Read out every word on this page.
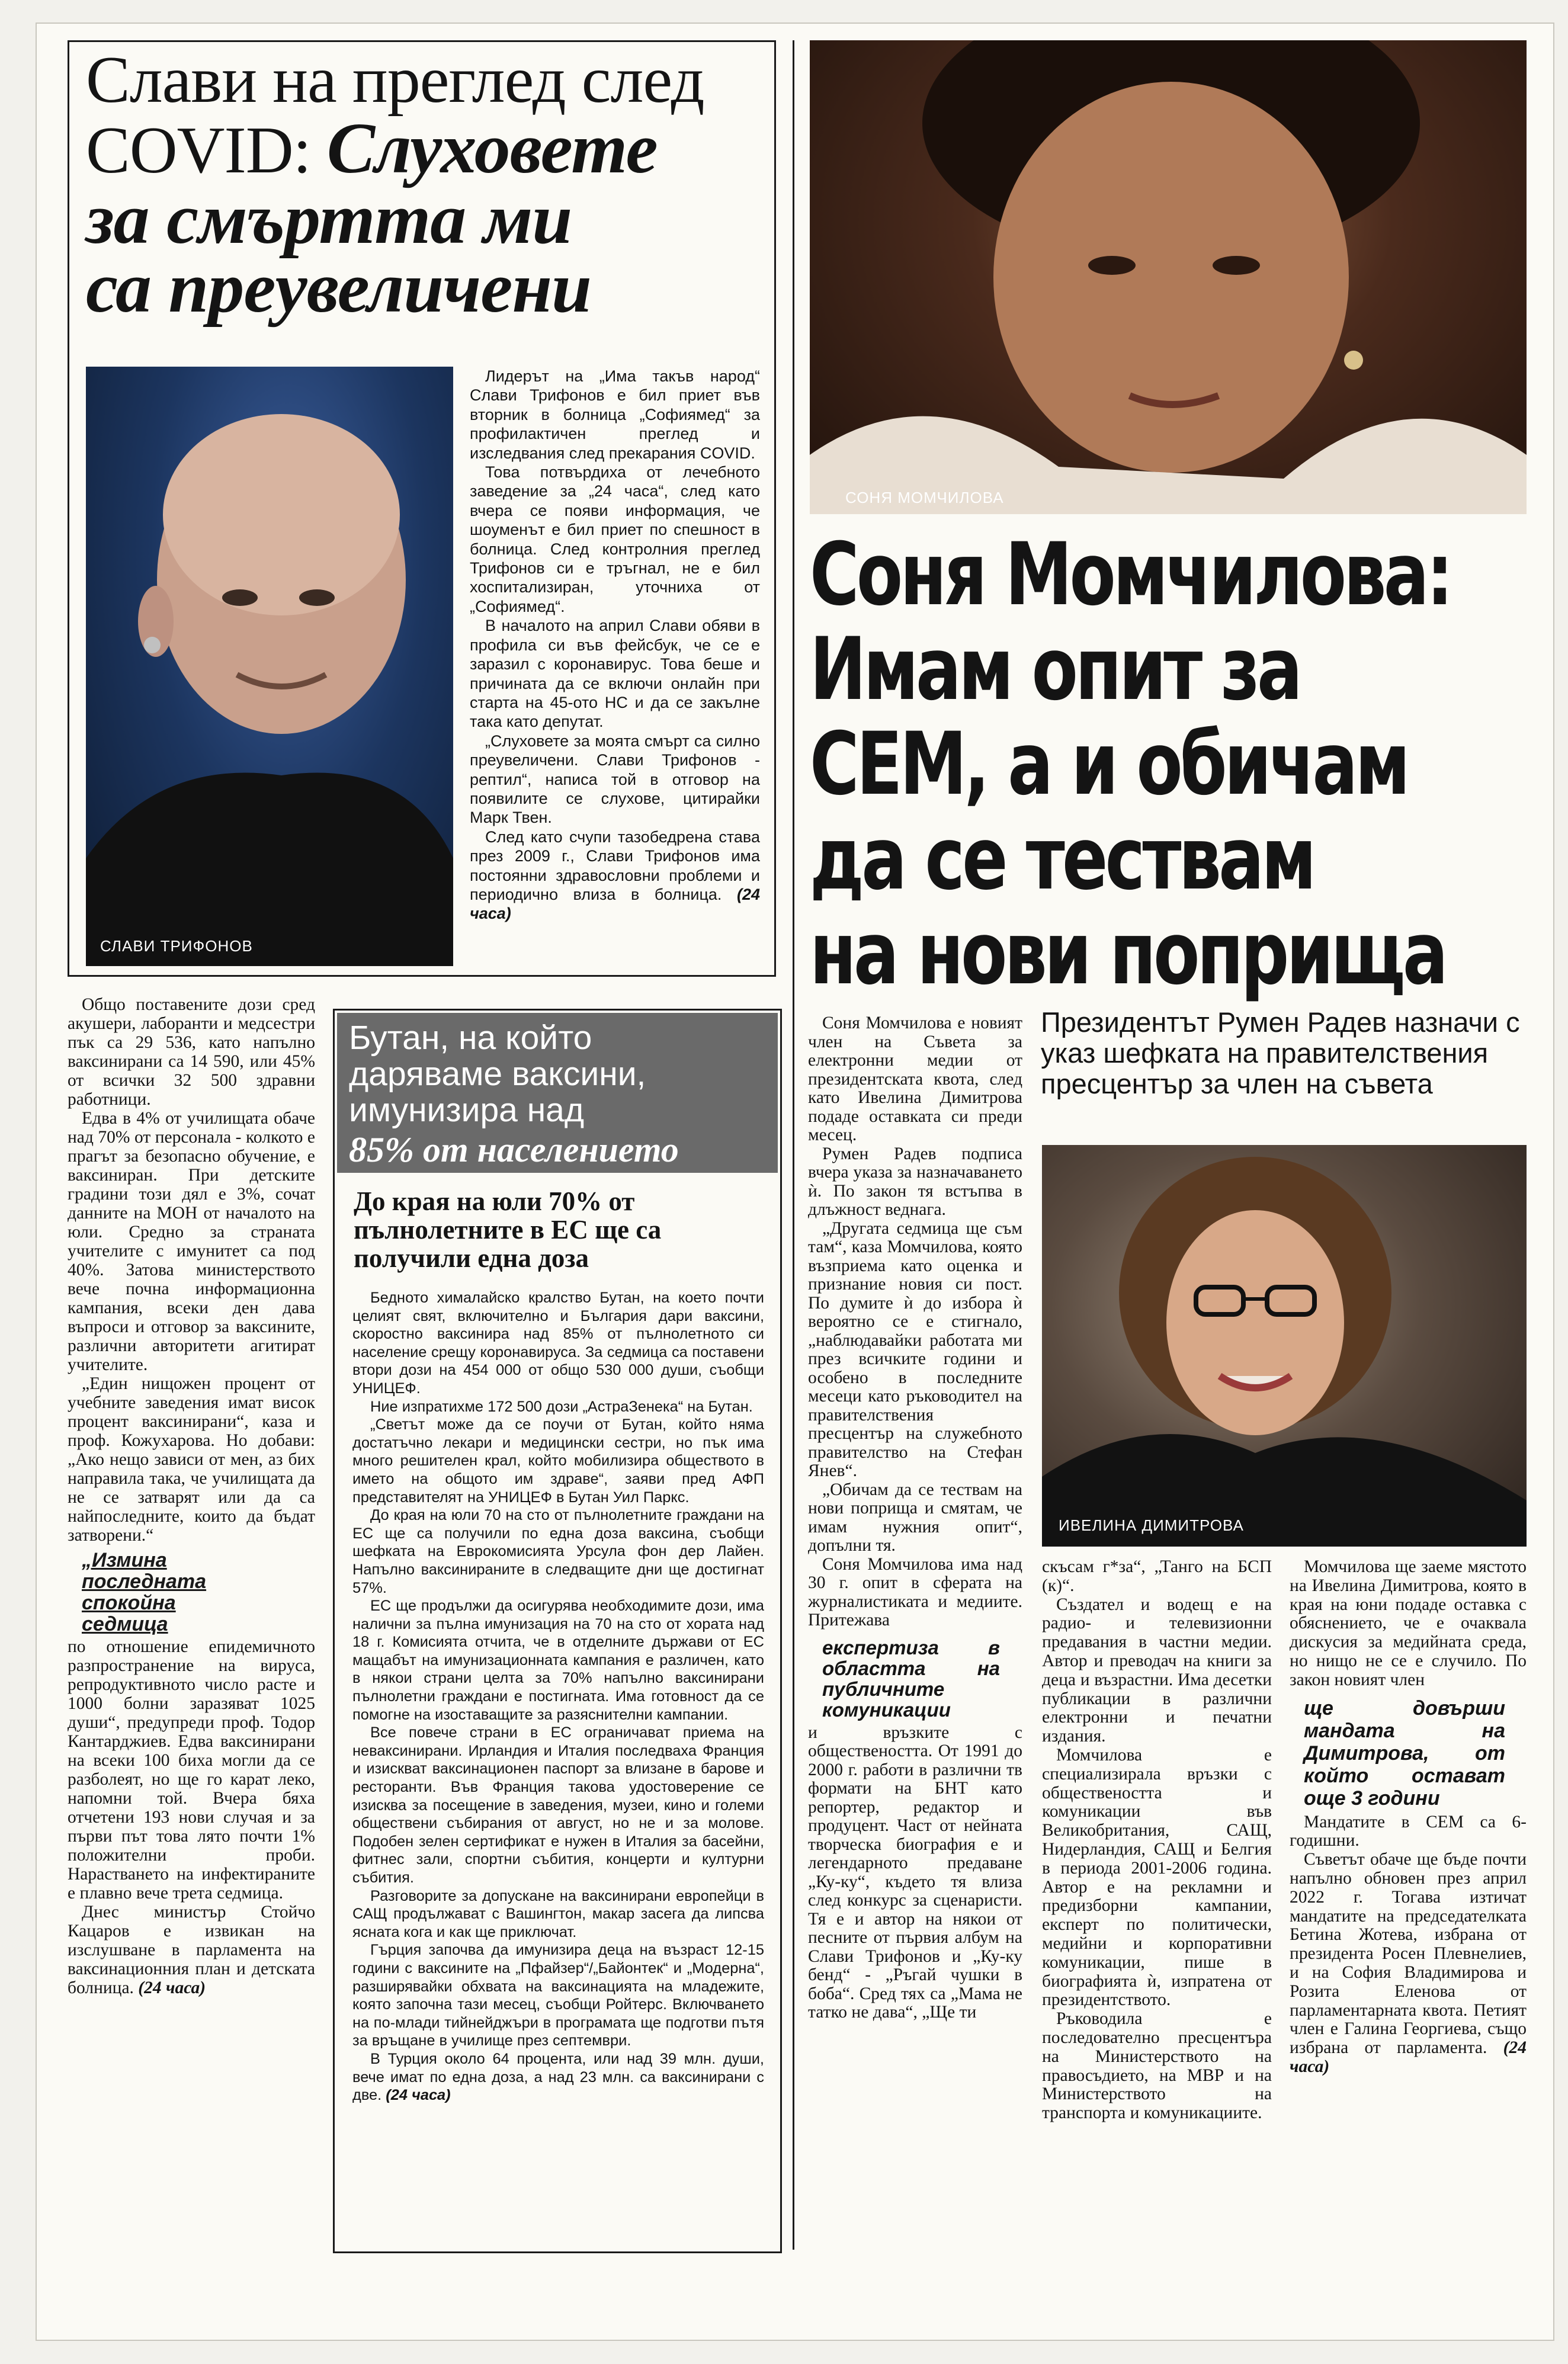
Слави на преглед след
COVID: Слуховете
за смъртта ми
са преувеличени
СЛАВИ ТРИФОНОВ

Лидерът на „Има такъв народ“ Слави Трифонов е бил приет във вторник в болница „Софиямед“ за профилактичен преглед и изследвания след прекарания COVID.

Това потвърдиха от лечебното заведение за „24 часа“, след като вчера се появи информация, че шоуменът е бил приет по спешност в болница. След контролния преглед Трифонов си е тръгнал, не е бил хоспитализиран, уточниха от „Софиямед“.

В началото на април Слави обяви в профила си във фейсбук, че се е заразил с коронавирус. Това беше и причината да се включи онлайн при старта на 45-ото НС и да се закълне така като депутат.

„Слуховете за моята смърт са силно преувеличени. Слави Трифонов - рептил“, написа той в отговор на появилите се слухове, цитирайки Марк Твен.

След като счупи тазобедрена става през 2009 г., Слави Трифонов има постоянни здравословни проблеми и периодично влиза в болница. (24 часа)

Общо поставените дози сред акушери, лаборанти и медсестри пък са 29 536, като напълно ваксинирани са 14 590, или 45% от всички 32 500 здравни работници.

Едва в 4% от училищата обаче над 70% от персонала - колкото е прагът за безопасно обучение, е ваксиниран. При детските градини този дял е 3%, сочат данните на МОН от началото на юли. Средно за страната учителите с имунитет са под 40%. Затова министерството вече почна информационна кампания, всеки ден дава въпроси и отговор за ваксините, различни авторитети агитират учителите.

„Един нищожен процент от учебните заведения имат висок процент ваксинирани“, каза и проф. Кожухарова. Но добави: „Ако нещо зависи от мен, аз бих направила така, че училищата да не се затварят или да са найпоследните, които да бъдат затворени.“

„Измина последната спокойна седмица

по отношение епидемичното разпространение на вируса, репродуктивното число расте и 1000 болни заразяват 1025 души“, предупреди проф. Тодор Кантарджиев. Едва ваксинирани на всеки 100 биха могли да се разболеят, но ще го карат леко, напомни той. Вчера бяха отчетени 193 нови случая и за първи път това лято почти 1% положителни проби. Нарастването на инфектираните е плавно вече трета седмица.

Днес министър Стойчо Кацаров е извикан на изслушване в парламента на ваксинационния план и детската болница. (24 часа)

Бутан, на който
даряваме ваксини,
имунизира над
85% от населението
До края на юли 70% от пълнолетните в ЕС ще са получили една доза

Бедното хималайско кралство Бутан, на което почти целият свят, включително и България дари ваксини, скоростно ваксинира над 85% от пълнолетното си население срещу коронавируса. За седмица са поставени втори дози на 454 000 от общо 530 000 души, съобщи УНИЦЕФ.

Ние изпратихме 172 500 дози „АстраЗенека“ на Бутан.

„Светът може да се поучи от Бутан, който няма достатъчно лекари и медицински сестри, но пък има много решителен крал, който мобилизира обществото в името на общото им здраве“, заяви пред АФП представителят на УНИЦЕФ в Бутан Уил Паркс.

До края на юли 70 на сто от пълнолетните граждани на ЕС ще са получили по една доза ваксина, съобщи шефката на Еврокомисията Урсула фон дер Лайен. Напълно ваксинираните в следващите дни ще достигнат 57%.

ЕС ще продължи да осигурява необходимите дози, има налични за пълна имунизация на 70 на сто от хората над 18 г. Комисията отчита, че в отделните държави от ЕС мащабът на имунизационната кампания е различен, като в някои страни целта за 70% напълно ваксинирани пълнолетни граждани е постигната. Има готовност да се помогне на изоставащите за разяснителни кампании.

Все повече страни в ЕС ограничават приема на неваксинирани. Ирландия и Италия последваха Франция и изискват ваксинационен паспорт за влизане в барове и ресторанти. Във Франция такова удостоверение се изисква за посещение в заведения, музеи, кино и големи обществени събирания от август, но не и за молове. Подобен зелен сертификат е нужен в Италия за басейни, фитнес зали, спортни събития, концерти и културни събития.

Разговорите за допускане на ваксинирани европейци в САЩ продължават с Вашингтон, макар засега да липсва ясната кога и как ще приключат.

Гърция започва да имунизира деца на възраст 12-15 години с ваксините на „Пфайзер“/„Байонтек“ и „Модерна“, разширявайки обхвата на ваксинацията на младежите, която започна тази месец, съобщи Ройтерс. Включването на по-млади тийнейджъри в програмата ще подготви пътя за връщане в училище през септември.

В Турция около 64 процента, или над 39 млн. души, вече имат по една доза, а над 23 млн. са ваксинирани с две. (24 часа)

СОНЯ МОМЧИЛОВА
Соня Момчилова:
Имам опит за
СЕМ, а и обичам
да се тествам
на нови поприща

Соня Момчилова е новият член на Съвета за електронни медии от президентската квота, след като Ивелина Димитрова подаде оставката си преди месец.

Румен Радев подписа вчера указа за назначаването ѝ. По закон тя встъпва в длъжност веднага.

„Другата седмица ще съм там“, каза Момчилова, която възприема като оценка и признание новия си пост. По думите ѝ до избора ѝ вероятно се е стигнало, „наблюдавайки работата ми през всичките години и особено в последните месеци като ръководител на правителствения пресцентър на служебното правителство на Стефан Янев“.

„Обичам да се тествам на нови поприща и смятам, че имам нужния опит“, допълни тя.

Соня Момчилова има над 30 г. опит в сферата на журналистиката и медиите. Притежава

експертиза в областта на публичните комуникации

и връзките с обществеността. От 1991 до 2000 г. работи в различни тв формати на БНТ като репортер, редактор и продуцент. Част от нейната творческа биография е и легендарното предаване „Ку-ку“, където тя влиза след конкурс за сценаристи. Тя е и автор на някои от песните от първия албум на Слави Трифонов и „Ку-ку бенд“ - „Ръгай чушки в боба“. Сред тях са „Мама не татко не дава“, „Ще ти

Президентът Румен Радев назначи с указ шефката на правителствения пресцентър за член на съвета
ИВЕЛИНА ДИМИТРОВА

скъсам г*за“, „Танго на БСП (к)“.

Създател и водещ е на радио- и телевизионни предавания в частни медии. Автор и преводач на книги за деца и възрастни. Има десетки публикации в различни електронни и печатни издания.

Момчилова е специализирала връзки с обществеността и комуникации във Великобритания, САЩ, Нидерландия, САЩ и Белгия в периода 2001-2006 година. Автор е на рекламни и предизборни кампании, експерт по политически, медийни и корпоративни комуникации, пише в биографията ѝ, изпратена от президентството.

Ръководила е последователно пресцентъра на Министерството на правосъдието, на МВР и на Министерството на транспорта и комуникациите.

Момчилова ще заеме мястото на Ивелина Димитрова, която в края на юни подаде оставка с обяснението, че е очаквала дискусия за медийната среда, но нищо не се е случило. По закон новият член

ще довърши мандата на Димитрова, от който остават още 3 години

Мандатите в СЕМ са 6-годишни.

Съветът обаче ще бъде почти напълно обновен през април 2022 г. Тогава изтичат мандатите на председателката Бетина Жотева, избрана от президента Росен Плевнелиев, и на София Владимирова и Розита Еленова от парламентарната квота. Петият член е Галина Георгиева, също избрана от парламента. (24 часа)
